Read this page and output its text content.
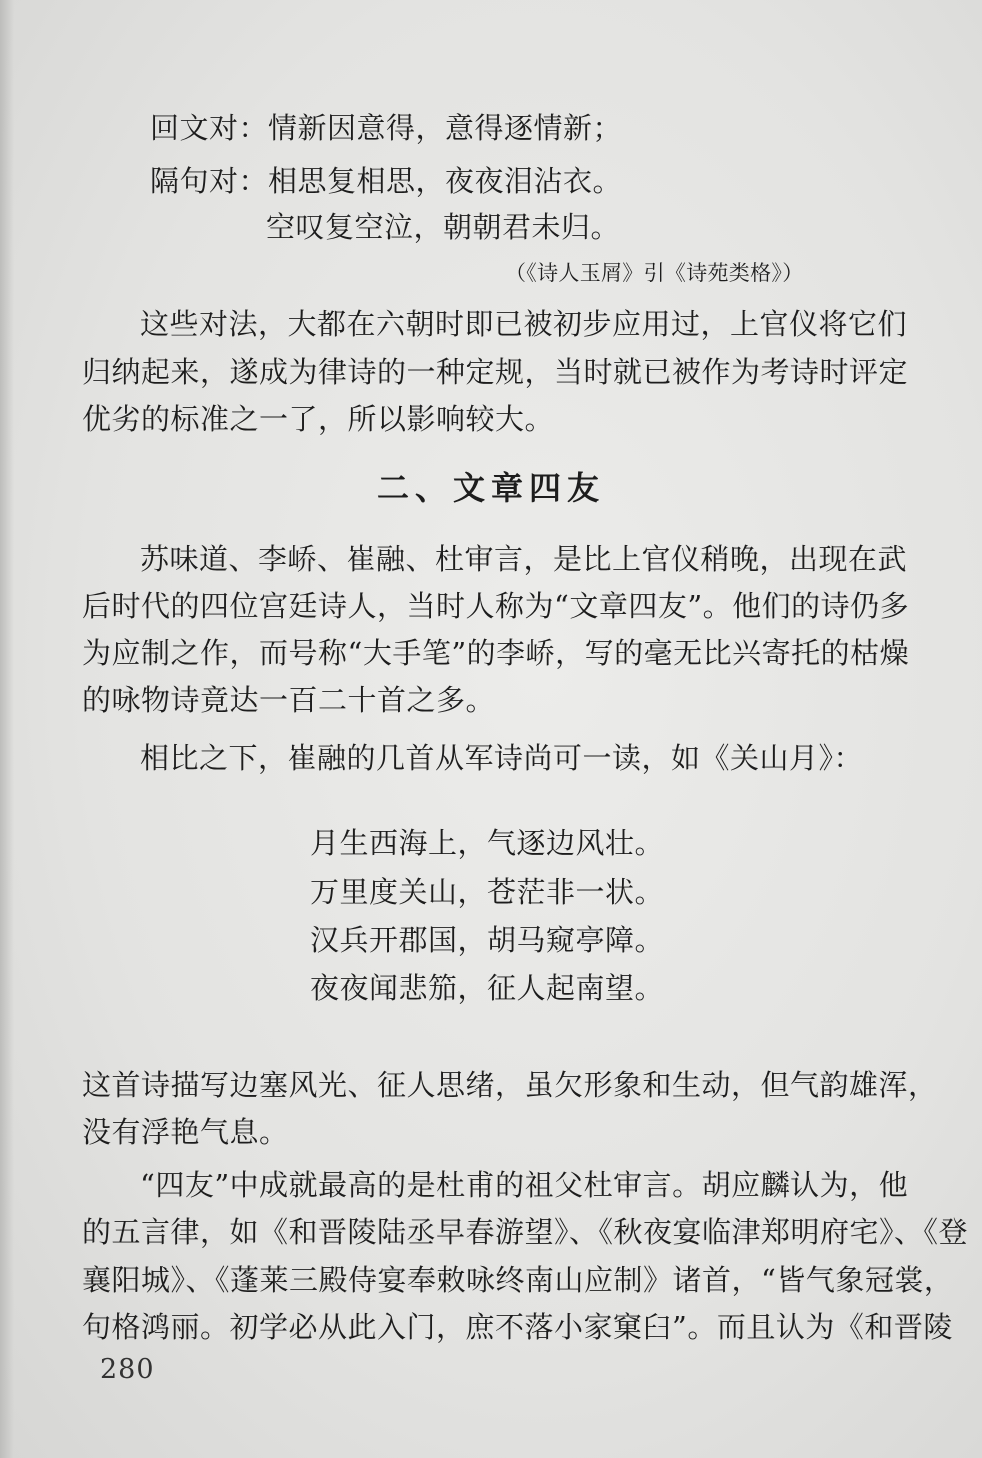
回文对：情新因意得，意得逐情新；
隔句对：相思复相思，夜夜泪沾衣。
空叹复空泣，朝朝君未归。
（《诗人玉屑》引《诗苑类格》）
这些对法，大都在六朝时即已被初步应用过，上官仪将它们
归纳起来，遂成为律诗的一种定规，当时就已被作为考诗时评定
优劣的标准之一了，所以影响较大。
二、文章四友
苏味道、李峤、崔融、杜审言，是比上官仪稍晚，出现在武
后时代的四位宫廷诗人，当时人称为“文章四友”。他们的诗仍多
为应制之作，而号称“大手笔”的李峤，写的毫无比兴寄托的枯燥
的咏物诗竟达一百二十首之多。
相比之下，崔融的几首从军诗尚可一读，如《关山月》：
月生西海上，气逐边风壮。
万里度关山，苍茫非一状。
汉兵开郡国，胡马窥亭障。
夜夜闻悲笳，征人起南望。
这首诗描写边塞风光、征人思绪，虽欠形象和生动，但气韵雄浑，
没有浮艳气息。
“四友”中成就最高的是杜甫的祖父杜审言。胡应麟认为，他
的五言律，如《和晋陵陆丞早春游望》、《秋夜宴临津郑明府宅》、《登
襄阳城》、《蓬莱三殿侍宴奉敕咏终南山应制》诸首，“皆气象冠裳，
句格鸿丽。初学必从此入门，庶不落小家窠臼”。而且认为《和晋陵
280
